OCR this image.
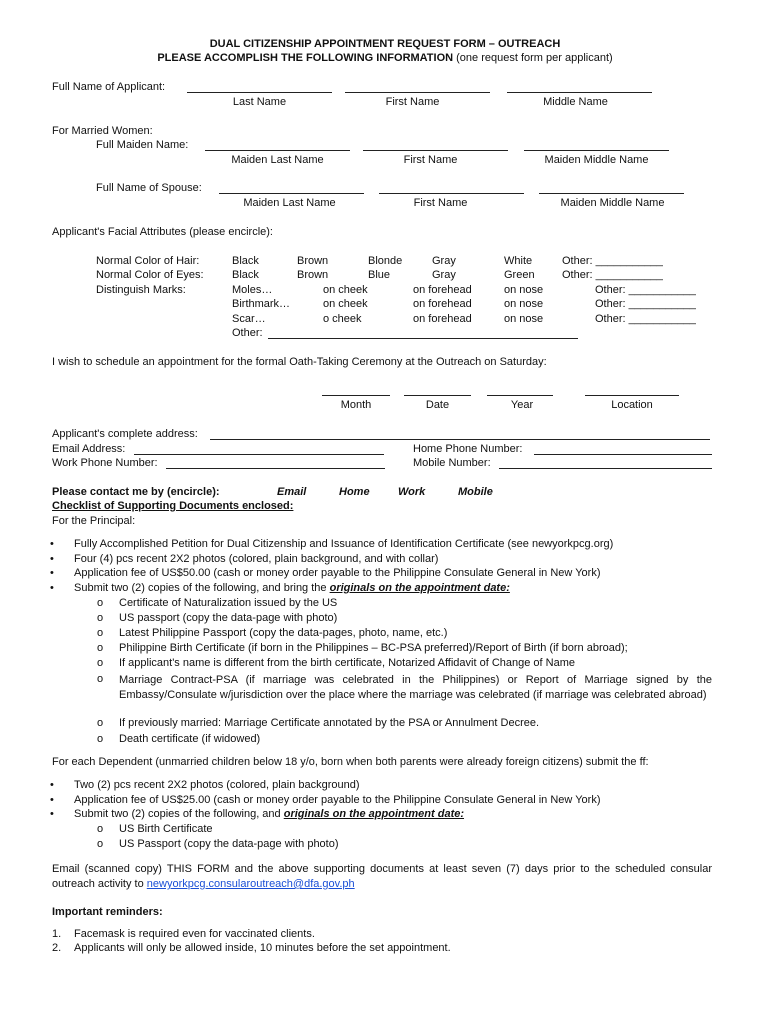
DUAL CITIZENSHIP APPOINTMENT REQUEST FORM – OUTREACH
PLEASE ACCOMPLISH THE FOLLOWING INFORMATION (one request form per applicant)
Full Name of Applicant:
Last Name	First Name	Middle Name
For Married Women:
Full Maiden Name:
Maiden Last Name	First Name	Maiden Middle Name
Full Name of Spouse:
Maiden Last Name	First Name	Maiden Middle Name
Applicant's Facial Attributes (please encircle):
Normal Color of Hair:	Black	Brown	Blonde	Gray	White	Other: ___________
Normal Color of Eyes:	Black	Brown	Blue	Gray	Green Other: ___________
Distinguish Marks:	Moles…	on cheek	on forehead	on nose	Other: ___________
Birthmark…	on cheek	on forehead	on nose	Other: ___________
Scar…	o cheek	on forehead	on nose	Other: ___________
Other:
I wish to schedule an appointment for the formal Oath-Taking Ceremony at the Outreach on Saturday:
Month	Date	Year	Location
Applicant's complete address:
Email Address:	Home Phone Number:
Work Phone Number:	Mobile Number:
Please contact me by (encircle):	Email	Home	Work	Mobile
Checklist of Supporting Documents enclosed:
For the Principal:
• Fully Accomplished Petition for Dual Citizenship and Issuance of Identification Certificate (see newyorkpcg.org)
• Four (4) pcs recent 2X2 photos (colored, plain background, and with collar)
• Application fee of US$50.00 (cash or money order payable to the Philippine Consulate General in New York)
• Submit two (2) copies of the following, and bring the originals on the appointment date:
o Certificate of Naturalization issued by the US
o US passport (copy the data-page with photo)
o Latest Philippine Passport (copy the data-pages, photo, name, etc.)
o Philippine Birth Certificate (if born in the Philippines – BC-PSA preferred)/Report of Birth (if born abroad);
o If applicant's name is different from the birth certificate, Notarized Affidavit of Change of Name
o Marriage Contract-PSA (if marriage was celebrated in the Philippines) or Report of Marriage signed by the Embassy/Consulate w/jurisdiction over the place where the marriage was celebrated (if marriage was celebrated abroad)
o If previously married: Marriage Certificate annotated by the PSA or Annulment Decree.
o Death certificate (if widowed)
For each Dependent (unmarried children below 18 y/o, born when both parents were already foreign citizens) submit the ff:
• Two (2) pcs recent 2X2 photos (colored, plain background)
• Application fee of US$25.00 (cash or money order payable to the Philippine Consulate General in New York)
• Submit two (2) copies of the following, and originals on the appointment date:
o US Birth Certificate
o US Passport (copy the data-page with photo)
Email (scanned copy) THIS FORM and the above supporting documents at least seven (7) days prior to the scheduled consular outreach activity to newyorkpcg.consularoutreach@dfa.gov.ph
Important reminders:
1. Facemask is required even for vaccinated clients.
2. Applicants will only be allowed inside, 10 minutes before the set appointment.
